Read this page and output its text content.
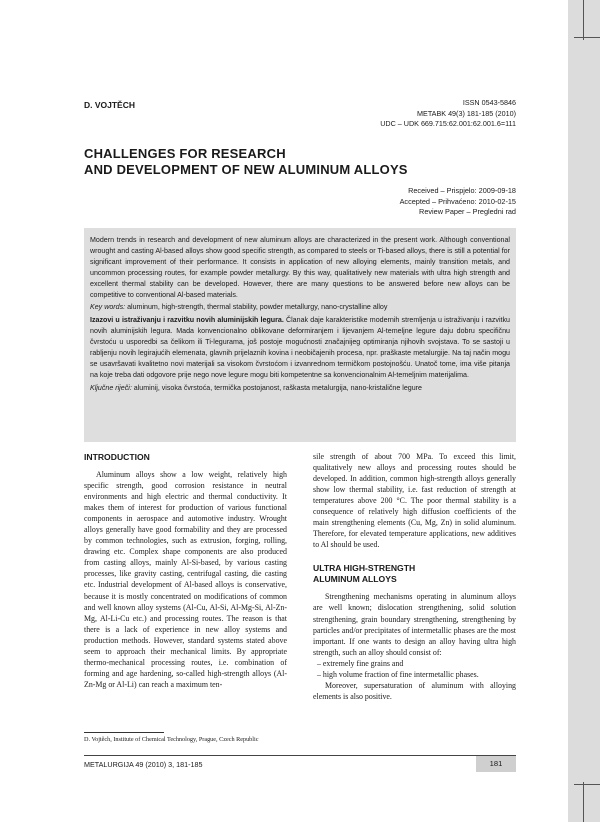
D. VOJTĚCH	ISSN 0543-5846
METABK 49(3) 181-185 (2010)
UDC – UDK 669.715:62.001:62.001.6=111
CHALLENGES FOR RESEARCH
AND DEVELOPMENT OF NEW ALUMINUM ALLOYS
Received – Prispjelo: 2009-09-18
Accepted – Prihvaćeno: 2010-02-15
Review Paper – Pregledni rad

Modern trends in research and development of new aluminum alloys are characterized in the present work. Although conventional wrought and casting Al-based alloys show good specific strength, as compared to steels or Ti-based alloys, there is still a potential for significant improvement of their performance. It consists in application of new alloying elements, mainly transition metals, and uncommon processing routes, for example powder metallurgy. By this way, qualitatively new materials with ultra high strength and excellent thermal stability can be developed. However, there are many questions to be answered before new alloys can be competitive to conventional Al-based materials.

Key words: aluminum, high-strength, thermal stability, powder metallurgy, nano-crystalline alloy

Izazovi u istraživanju i razvitku novih aluminijskih legura. Članak daje karakteristike modernih stremljenja u istraživanju i razvitku novih aluminijskih legura. Mada konvencionalno oblikovane deformiranjem i lijevanjem Al-temeljne legure daju dobru specifičnu čvrstoću u usporedbi sa čelikom ili Ti-legurama, još postoje mogućnosti značajnijeg optimiranja njihovih svojstava. To se sastoji u rabljenju novih legirajućih elemenata, glavnih prijelaznih kovina i neobičajenih procesa, npr. praškaste metalurgije. Na taj način mogu se usavršavati kvalitetno novi materijali sa visokom čvrstoćom i izvanrednom termičkom postojnošću. Unatoč tome, ima više pitanja na koje treba dati odgovore prije nego nove legure mogu biti kompetentne sa konvencionalnim Al-temeljnim materijalima.

Ključne riječi: aluminij, visoka čvrstoća, termička postojanost, raškasta metalurgija, nano-kristalične legure

INTRODUCTION

Aluminum alloys show a low weight, relatively high specific strength, good corrosion resistance in neutral environments and high electric and thermal conductivity. It makes them of interest for production of various functional components in aerospace and automotive industry. Wrought alloys generally have good formability and they are processed by common technologies, such as extrusion, forging, rolling, drawing etc. Complex shape components are also produced from casting alloys, mainly Al-Si-based, by various casting processes, like gravity casting, centrifugal casting, die casting etc. Industrial development of Al-based alloys is conservative, because it is mostly concentrated on modifications of common and well known alloy systems (Al-Cu, Al-Si, Al-Mg-Si, Al-Zn-Mg, Al-Li-Cu etc.) and processing routes. The reason is that there is a lack of experience in new alloy systems and production methods. However, standard systems stated above seem to approach their mechanical limits. By appropriate thermo-mechanical processing routes, i.e. combination of forming and age hardening, so-called high-strength alloys (Al-Zn-Mg or Al-Li) can reach a maximum ten-

sile strength of about 700 MPa. To exceed this limit, qualitatively new alloys and processing routes should be developed. In addition, common high-strength alloys generally show low thermal stability, i.e. fast reduction of strength at temperatures above 200 °C. The poor thermal stability is a consequence of relatively high diffusion coefficients of the main strengthening elements (Cu, Mg, Zn) in solid aluminum. Therefore, for elevated temperature applications, new additives to Al should be used.

ULTRA HIGH-STRENGTH
ALUMINUM ALLOYS

Strengthening mechanisms operating in aluminum alloys are well known; dislocation strengthening, solid solution strengthening, grain boundary strengthening, strengthening by particles and/or precipitates of intermetallic phases are the most important. If one wants to design an alloy having ultra high strength, such an alloy should consist of:

– extremely fine grains and
– high volume fraction of fine intermetallic phases.

Moreover, supersaturation of aluminum with alloying elements is also positive.

D. Vojtěch, Institute of Chemical Technology, Prague, Czech Republic
METALURGIJA 49 (2010) 3, 181-185	181
